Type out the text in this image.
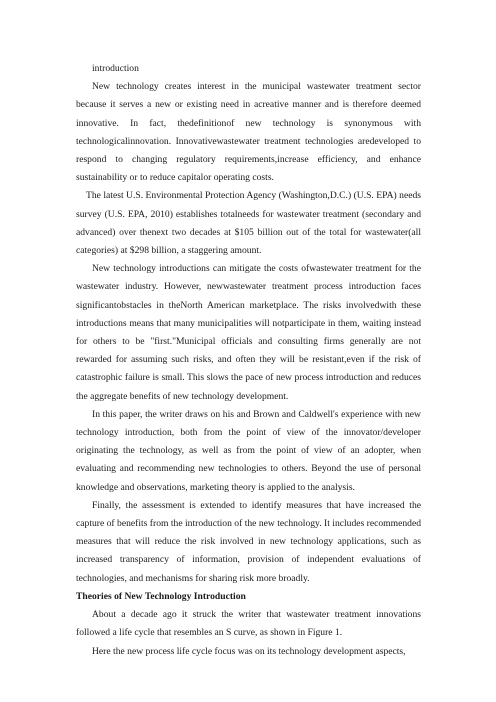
introduction

New technology creates interest in the municipal wastewater treatment sector because it serves a new or existing need in acreative manner and is therefore deemed innovative. In fact, thedefinitionof new technology is synonymous with technologicalinnovation. Innovativewastewater treatment technologies aredeveloped to respond to changing regulatory requirements,increase efficiency, and enhance sustainability or to reduce capitalor operating costs.

The latest U.S. Environmental Protection Agency (Washington,D.C.) (U.S. EPA) needs survey (U.S. EPA, 2010) establishes totalneeds for wastewater treatment (secondary and advanced) over thenext two decades at $105 billion out of the total for wastewater(all categories) at $298 billion, a staggering amount.

New technology introductions can mitigate the costs ofwastewater treatment for the wastewater industry. However, newwastewater treatment process introduction faces significantobstacles in theNorth American marketplace. The risks involvedwith these introductions means that many municipalities will notparticipate in them, waiting instead for others to be "first."Municipal officials and consulting firms generally are not rewarded for assuming such risks, and often they will be resistant,even if the risk of catastrophic failure is small. This slows the pace of new process introduction and reduces the aggregate benefits of new technology development.

In this paper, the writer draws on his and Brown and Caldwell's experience with new technology introduction, both from the point of view of the innovator/developer originating the technology, as well as from the point of view of an adopter, when evaluating and recommending new technologies to others. Beyond the use of personal knowledge and observations, marketing theory is applied to the analysis.

Finally, the assessment is extended to identify measures that have increased the capture of benefits from the introduction of the new technology. It includes recommended measures that will reduce the risk involved in new technology applications, such as increased transparency of information, provision of independent evaluations of technologies, and mechanisms for sharing risk more broadly.

Theories of New Technology Introduction

About a decade ago it struck the writer that wastewater treatment innovations followed a life cycle that resembles an S curve, as shown in Figure 1.

Here the new process life cycle focus was on its technology development aspects,
